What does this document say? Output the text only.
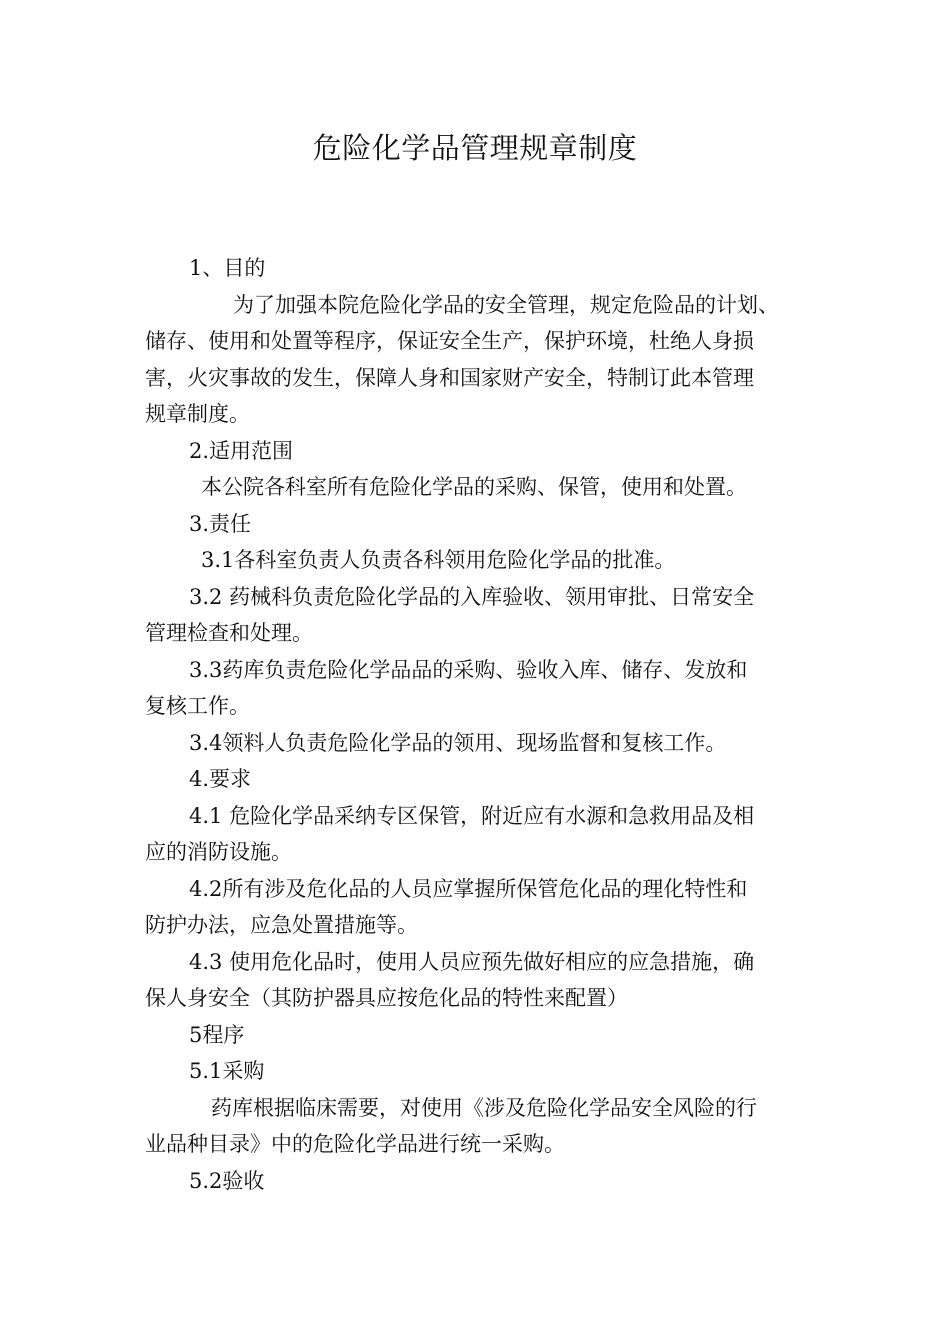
危险化学品管理规章制度

1、目的

为了加强本院危险化学品的安全管理，规定危险品的计划、

储存、使用和处置等程序，保证安全生产，保护环境，杜绝人身损

害，火灾事故的发生，保障人身和国家财产安全，特制订此本管理

规章制度。

2.适用范围

本公院各科室所有危险化学品的采购、保管，使用和处置。

3.责任

3.1各科室负责人负责各科领用危险化学品的批准。

3.2 药械科负责危险化学品的入库验收、领用审批、日常安全

管理检查和处理。

3.3药库负责危险化学品品的采购、验收入库、储存、发放和

复核工作。

3.4领料人负责危险化学品的领用、现场监督和复核工作。

4.要求

4.1 危险化学品采纳专区保管，附近应有水源和急救用品及相

应的消防设施。

4.2所有涉及危化品的人员应掌握所保管危化品的理化特性和

防护办法，应急处置措施等。

4.3 使用危化品时，使用人员应预先做好相应的应急措施，确

保人身安全（其防护器具应按危化品的特性来配置）

5程序

5.1采购

药库根据临床需要，对使用《涉及危险化学品安全风险的行

业品种目录》中的危险化学品进行统一采购。

5.2验收
